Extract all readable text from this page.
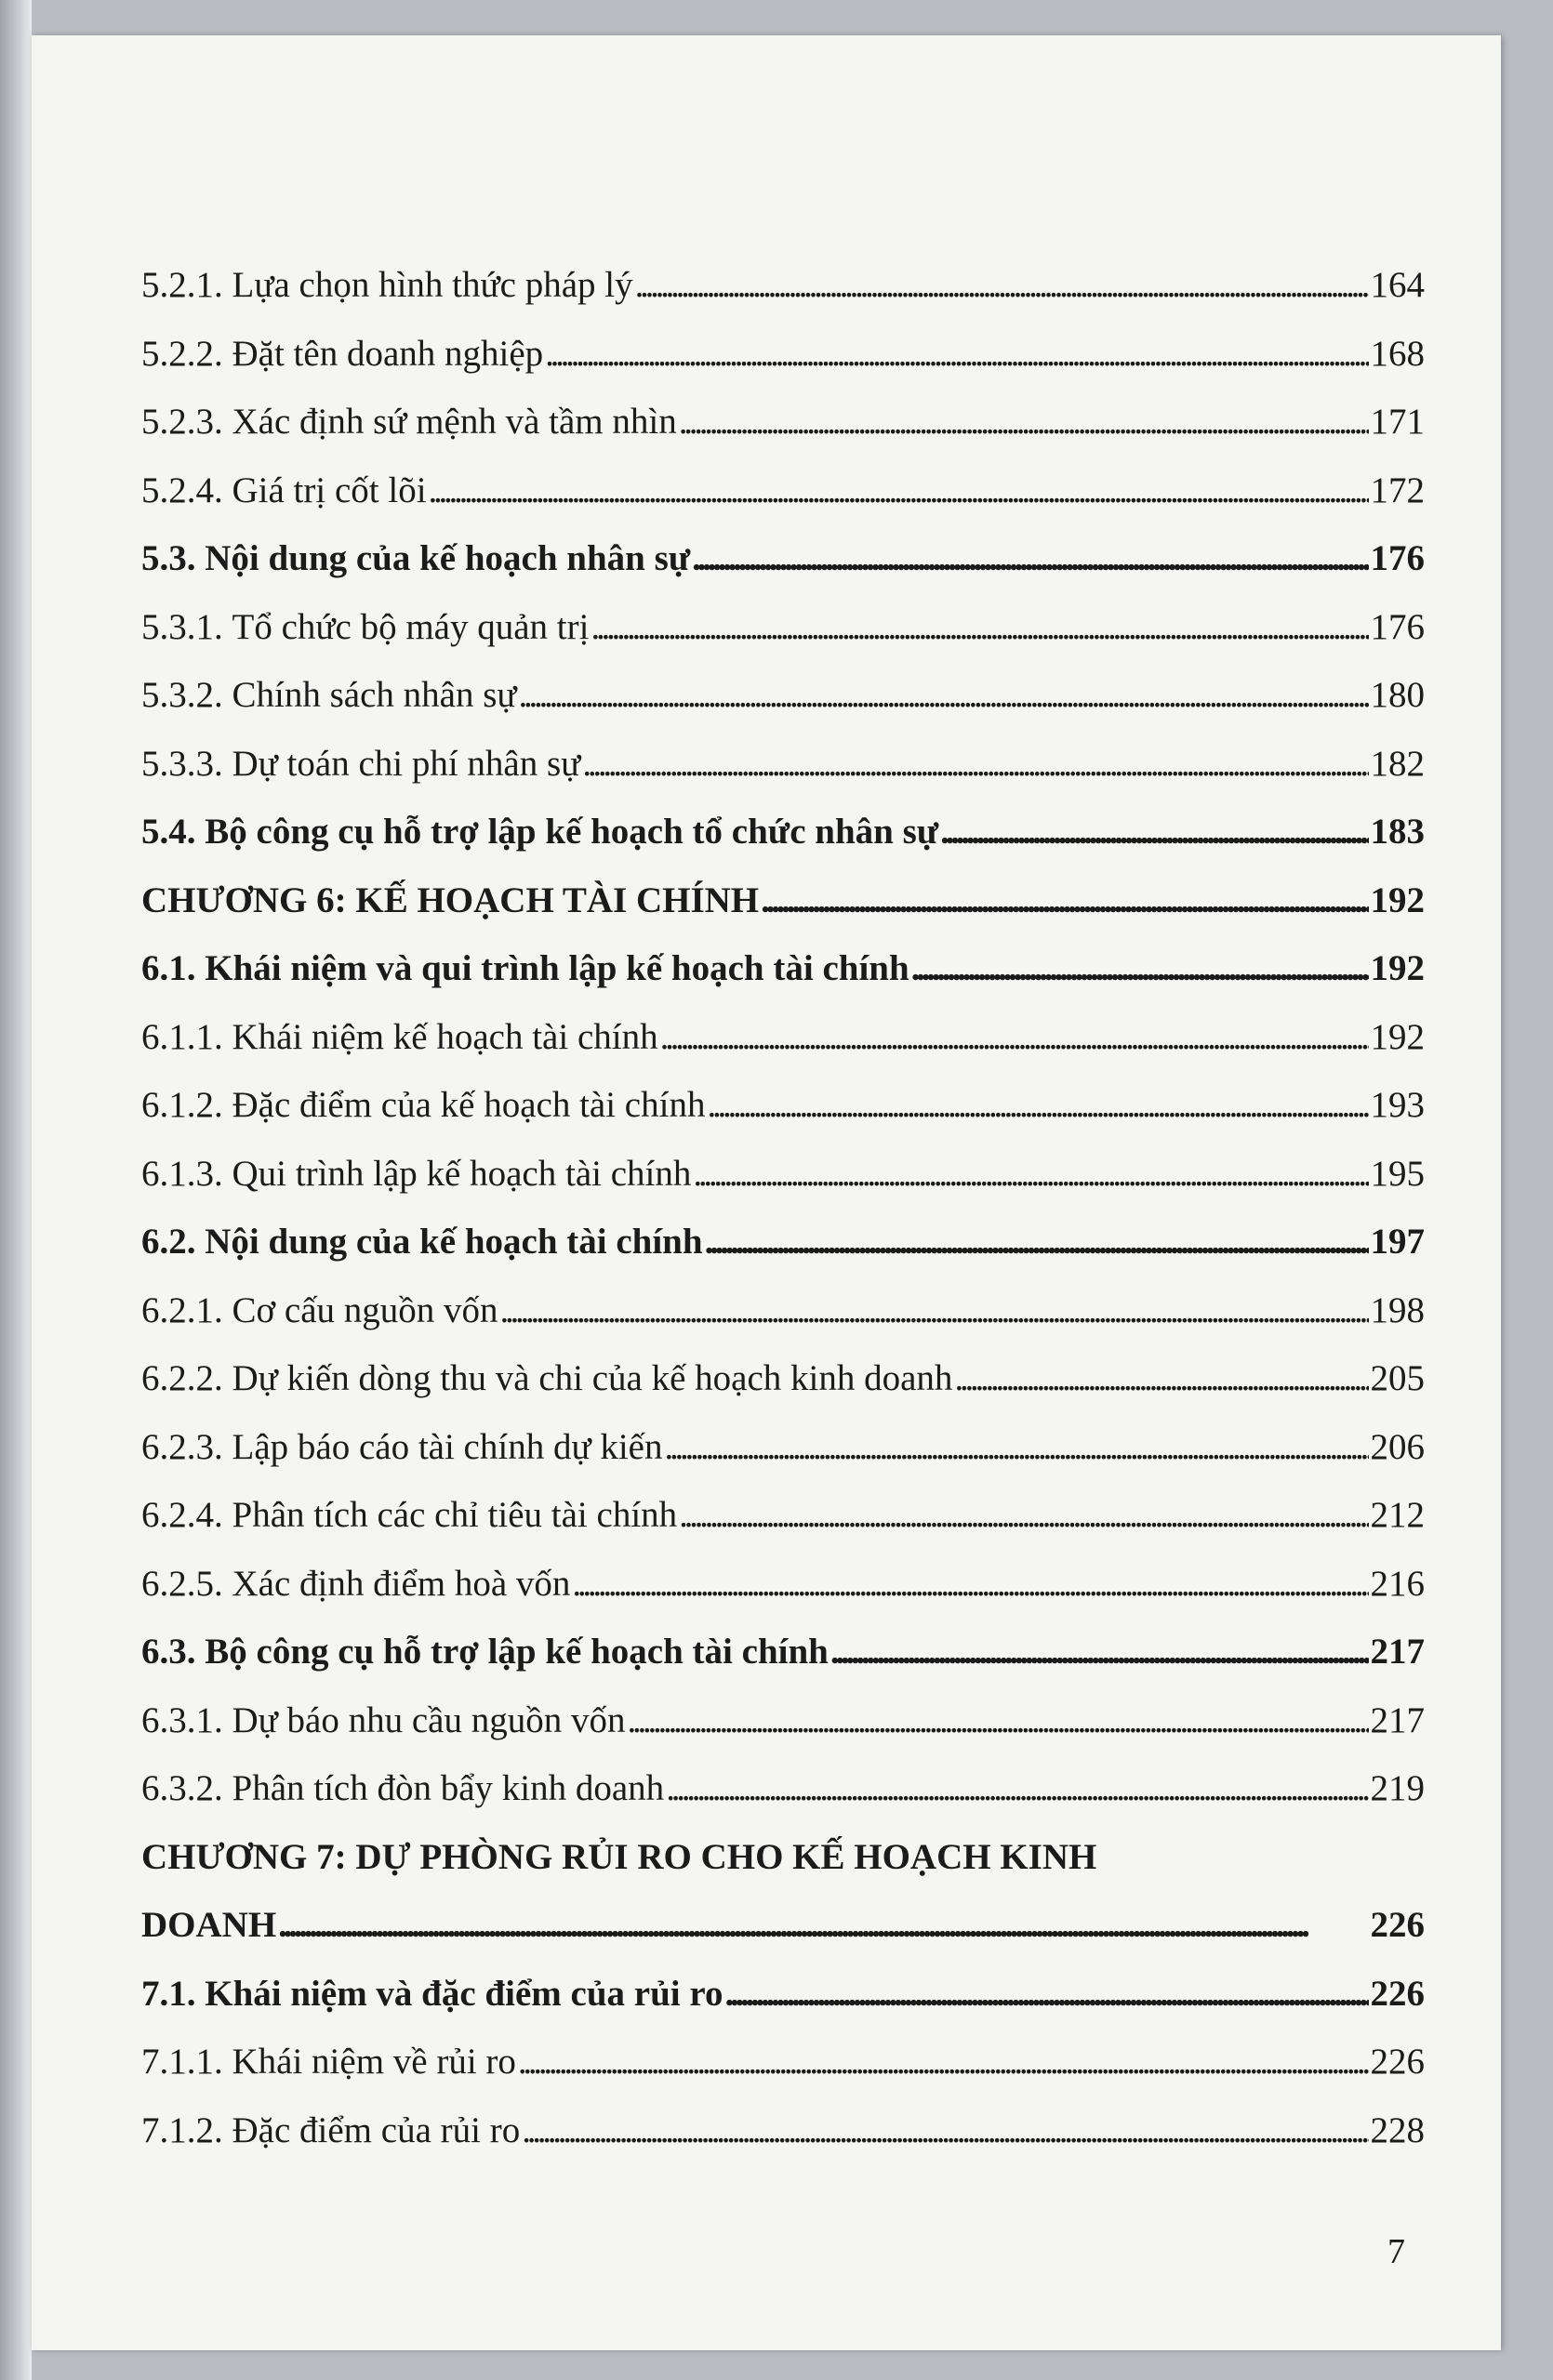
5.2.1.
Lựa chọn hình thức pháp lý . . .	164
5.2.2.
Đặt tên doanh nghiệp . . .	168
5.2.3.
Xác định sứ mệnh và tầm nhìn . . .	171
5.2.4.
Giá trị cốt lõi . . .	172
5.3.
Nội dung của kế hoạch nhân sự . . .	176
5.3.1.
Tổ chức bộ máy quản trị . . .	176
5.3.2.
Chính sách nhân sự . . .	180
5.3.3.
Dự toán chi phí nhân sự . . .	182
5.4.
Bộ công cụ hỗ trợ lập kế hoạch tổ chức nhân sự . . .	183
CHƯƠNG 6:
KẾ HOẠCH TÀI CHÍNH . . .	192
6.1.
Khái niệm và qui trình lập kế hoạch tài chính . . .	192
6.1.1.
Khái niệm kế hoạch tài chính . . .	192
6.1.2.
Đặc điểm của kế hoạch tài chính . . .	193
6.1.3.
Qui trình lập kế hoạch tài chính . . .	195
6.2.
Nội dung của kế hoạch tài chính . . .	197
6.2.1.
Cơ cấu nguồn vốn . . .	198
6.2.2.
Dự kiến dòng thu và chi của kế hoạch kinh doanh . . .	205
6.2.3.
Lập báo cáo tài chính dự kiến . . .	206
6.2.4.
Phân tích các chỉ tiêu tài chính . . .	212
6.2.5.
Xác định điểm hoà vốn . . .	216
6.3.
Bộ công cụ hỗ trợ lập kế hoạch tài chính . . .	217
6.3.1.
Dự báo nhu cầu nguồn vốn . . .	217
6.3.2.
Phân tích đòn bẩy kinh doanh . . .	219
CHƯƠNG 7: DỰ PHÒNG RỦI RO CHO KẾ HOẠCH KINH
DOANH . . .	226
7.1.
Khái niệm và đặc điểm của rủi ro . . .	226
7.1.1.
Khái niệm về rủi ro . . .	226
7.1.2.
Đặc điểm của rủi ro . . .	228
7
